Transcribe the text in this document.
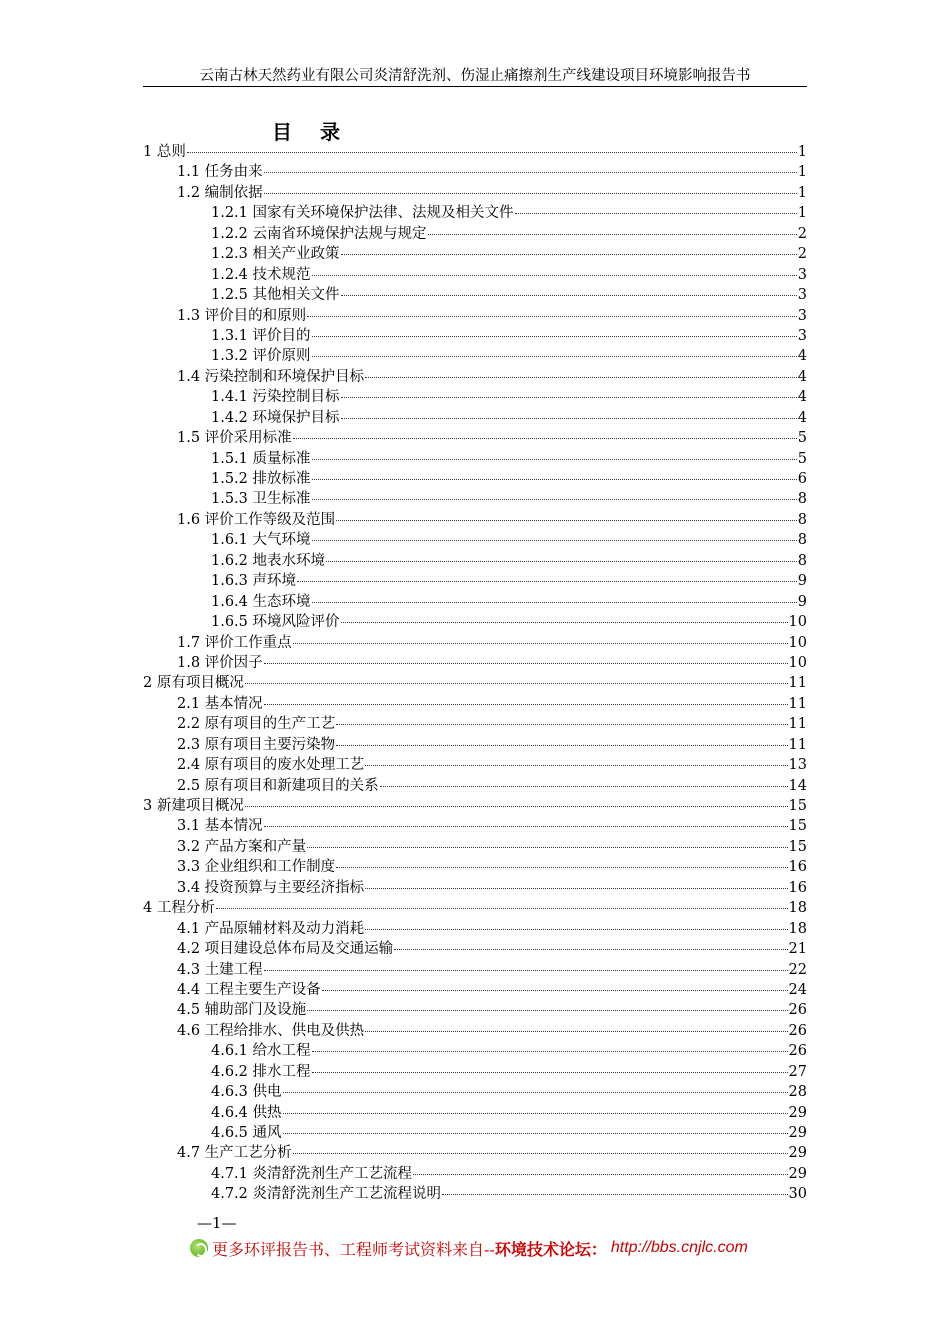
云南古林天然药业有限公司炎清舒洗剂、伤湿止痛擦剂生产线建设项目环境影响报告书
目　录
1 总则	1
1.1 任务由来	1
1.2 编制依据	1
1.2.1 国家有关环境保护法律、法规及相关文件	1
1.2.2 云南省环境保护法规与规定	2
1.2.3 相关产业政策	2
1.2.4 技术规范	3
1.2.5 其他相关文件	3
1.3 评价目的和原则	3
1.3.1 评价目的	3
1.3.2 评价原则	4
1.4 污染控制和环境保护目标	4
1.4.1 污染控制目标	4
1.4.2 环境保护目标	4
1.5 评价采用标准	5
1.5.1 质量标准	5
1.5.2 排放标准	6
1.5.3 卫生标准	8
1.6 评价工作等级及范围	8
1.6.1 大气环境	8
1.6.2 地表水环境	8
1.6.3 声环境	9
1.6.4 生态环境	9
1.6.5 环境风险评价	10
1.7 评价工作重点	10
1.8 评价因子	10
2 原有项目概况	11
2.1 基本情况	11
2.2 原有项目的生产工艺	11
2.3 原有项目主要污染物	11
2.4 原有项目的废水处理工艺	13
2.5 原有项目和新建项目的关系	14
3 新建项目概况	15
3.1 基本情况	15
3.2 产品方案和产量	15
3.3 企业组织和工作制度	16
3.4 投资预算与主要经济指标	16
4 工程分析	18
4.1 产品原辅材料及动力消耗	18
4.2 项目建设总体布局及交通运输	21
4.3 土建工程	22
4.4 工程主要生产设备	24
4.5 辅助部门及设施	26
4.6 工程给排水、供电及供热	26
4.6.1 给水工程	26
4.6.2 排水工程	27
4.6.3 供电	28
4.6.4 供热	29
4.6.5 通风	29
4.7 生产工艺分析	29
4.7.1 炎清舒洗剂生产工艺流程	29
4.7.2 炎清舒洗剂生产工艺流程说明	30
—1—
更多环评报告书、工程师考试资料来自-- 环境技术论坛： http://bbs.cnjlc.com
